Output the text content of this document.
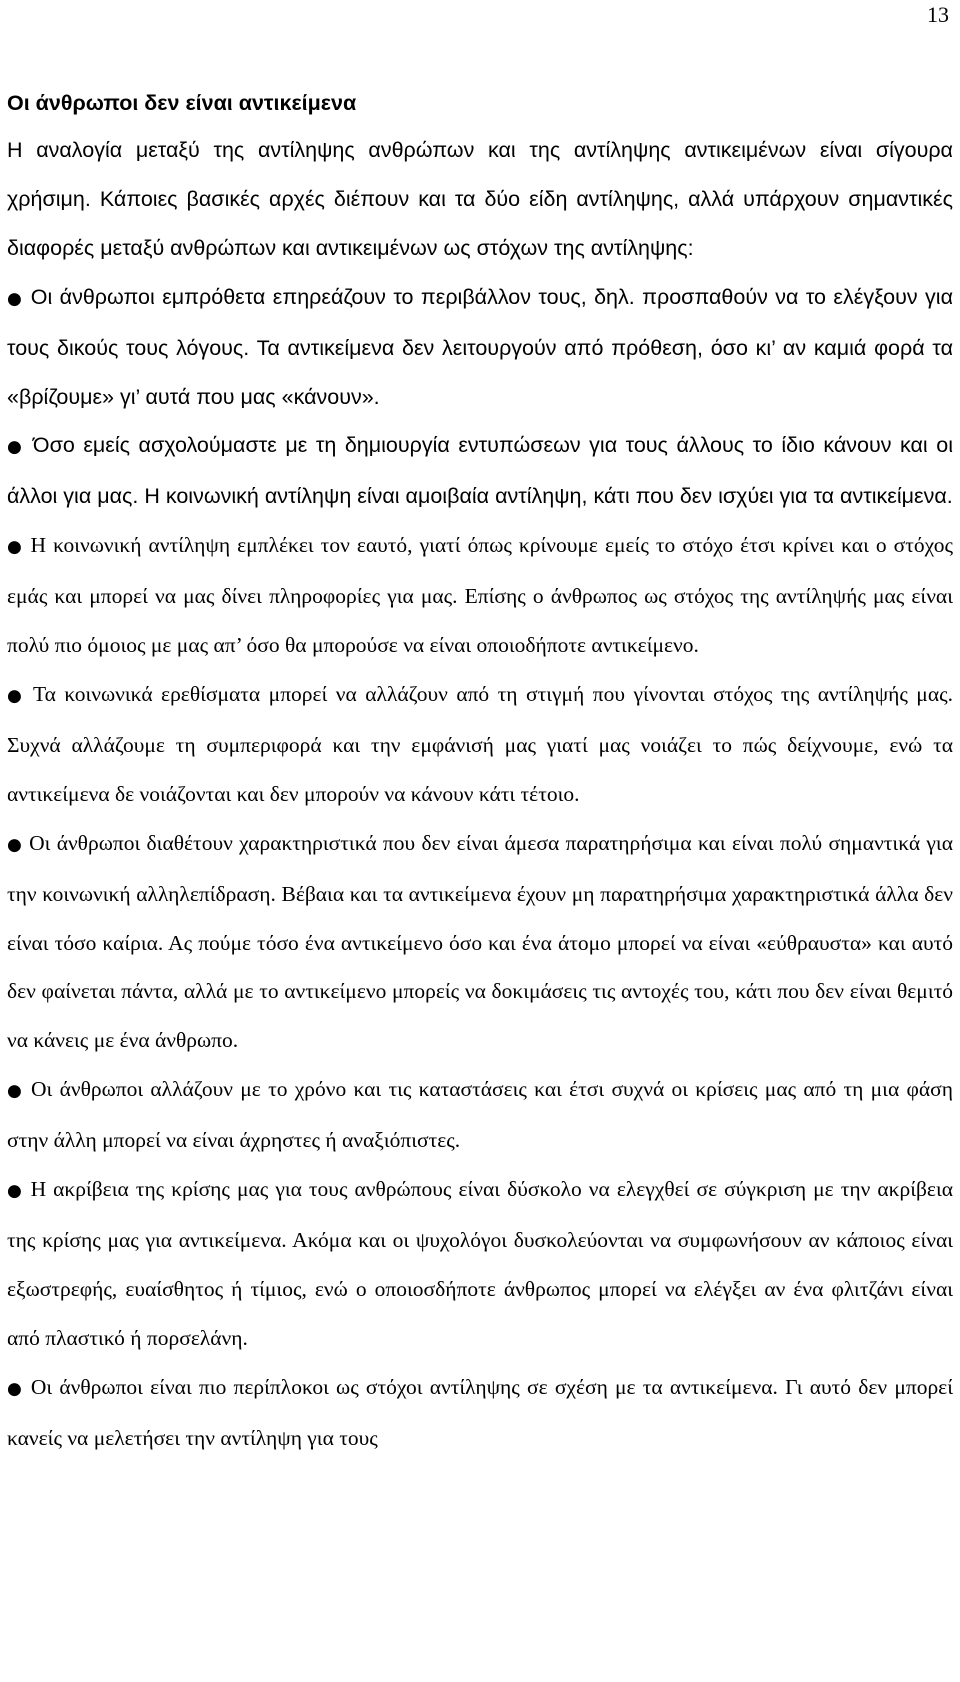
13

Οι άνθρωποι δεν είναι αντικείμενα

Η αναλογία μεταξύ της αντίληψης ανθρώπων και της αντίληψης αντικειμένων είναι σίγουρα χρήσιμη. Κάποιες βασικές αρχές διέπουν και τα δύο είδη αντίληψης, αλλά υπάρχουν σημαντικές διαφορές μεταξύ ανθρώπων και αντικειμένων ως στόχων της αντίληψης:

● Οι άνθρωποι εμπρόθετα επηρεάζουν το περιβάλλον τους, δηλ. προσπαθούν να το ελέγξουν για τους δικούς τους λόγους. Τα αντικείμενα δεν λειτουργούν από πρόθεση, όσο κι’ αν καμιά φορά τα «βρίζουμε» γι’ αυτά που μας «κάνουν».
● Όσο εμείς ασχολούμαστε με τη δημιουργία εντυπώσεων για τους άλλους το ίδιο κάνουν και οι άλλοι για μας. Η κοινωνική αντίληψη είναι αμοιβαία αντίληψη, κάτι που δεν ισχύει για τα αντικείμενα.
● Η κοινωνική αντίληψη εμπλέκει τον εαυτό, γιατί όπως κρίνουμε εμείς το στόχο έτσι κρίνει και ο στόχος εμάς και μπορεί να μας δίνει πληροφορίες για μας. Επίσης ο άνθρωπος ως στόχος της αντίληψής μας είναι πολύ πιο όμοιος με μας απ’ όσο θα μπορούσε να είναι οποιοδήποτε αντικείμενο.
● Τα κοινωνικά ερεθίσματα μπορεί να αλλάζουν από τη στιγμή που γίνονται στόχος της αντίληψής μας. Συχνά αλλάζουμε τη συμπεριφορά και την εμφάνισή μας γιατί μας νοιάζει το πώς δείχνουμε, ενώ τα αντικείμενα δε νοιάζονται και δεν μπορούν να κάνουν κάτι τέτοιο.
● Οι άνθρωποι διαθέτουν χαρακτηριστικά που δεν είναι άμεσα παρατηρήσιμα και είναι πολύ σημαντικά για την κοινωνική αλληλεπίδραση. Βέβαια και τα αντικείμενα έχουν μη παρατηρήσιμα χαρακτηριστικά άλλα δεν είναι τόσο καίρια. Ας πούμε τόσο ένα αντικείμενο όσο και ένα άτομο μπορεί να είναι «εύθραυστα» και αυτό δεν φαίνεται πάντα, αλλά με το αντικείμενο μπορείς να δοκιμάσεις τις αντοχές του, κάτι που δεν είναι θεμιτό να κάνεις με ένα άνθρωπο.
● Οι άνθρωποι αλλάζουν με το χρόνο και τις καταστάσεις και έτσι συχνά οι κρίσεις μας από τη μια φάση στην άλλη μπορεί να είναι άχρηστες ή αναξιόπιστες.
● Η ακρίβεια της κρίσης μας για τους ανθρώπους είναι δύσκολο να ελεγχθεί σε σύγκριση με την ακρίβεια της κρίσης μας για αντικείμενα. Ακόμα και οι ψυχολόγοι δυσκολεύονται να συμφωνήσουν αν κάποιος είναι εξωστρεφής, ευαίσθητος ή τίμιος, ενώ ο οποιοσδήποτε άνθρωπος μπορεί να ελέγξει αν ένα φλιτζάνι είναι από πλαστικό ή πορσελάνη.
● Οι άνθρωποι είναι πιο περίπλοκοι ως στόχοι αντίληψης σε σχέση με τα αντικείμενα. Γι αυτό δεν μπορεί κανείς να μελετήσει την αντίληψη για τους
